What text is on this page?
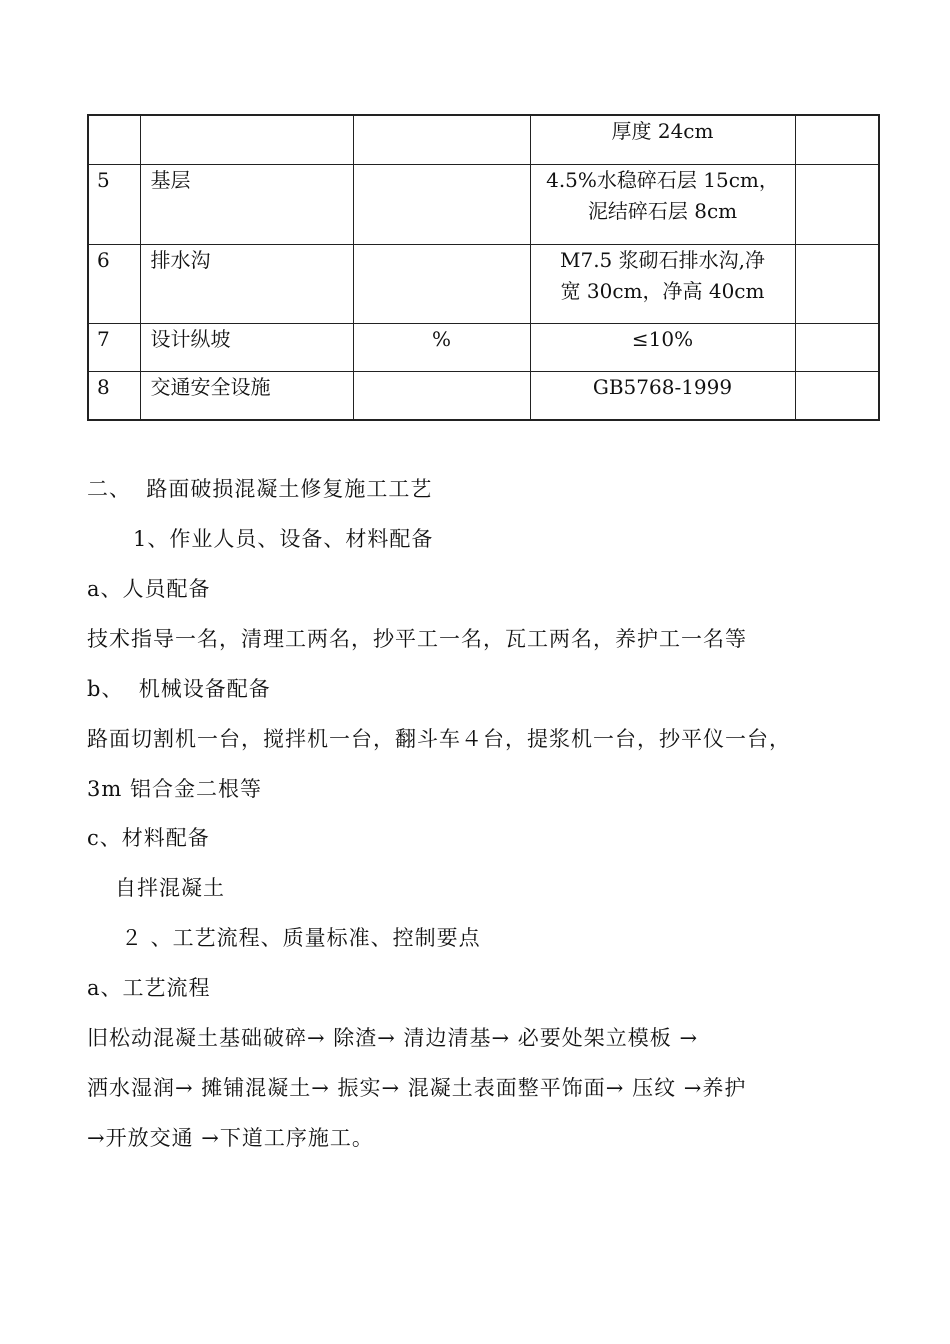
			厚度 24cm	
5	基层		4.5%水稳碎石层 15cm，
泥结碎石层 8cm	
6	排水沟		M7.5 浆砌石排水沟,净
宽 30cm，净高 40cm	
7	设计纵坡	%	≤10%	
8	交通安全设施		GB5768-1999	
二、  路面破损混凝土修复施工工艺
1、作业人员、设备、材料配备
a、人员配备
技术指导一名，清理工两名，抄平工一名，瓦工两名，养护工一名等
b、  机械设备配备
路面切割机一台，搅拌机一台，翻斗车４台，提浆机一台，抄平仪一台，
3m 铝合金二根等
c、材料配备
自拌混凝土
２ 、工艺流程、质量标准、控制要点
a、工艺流程
旧松动混凝土基础破碎→ 除渣→ 清边清基→ 必要处架立模板 →
洒水湿润→ 摊铺混凝土→ 振实→ 混凝土表面整平饰面→ 压纹 →养护
→开放交通 →下道工序施工。
